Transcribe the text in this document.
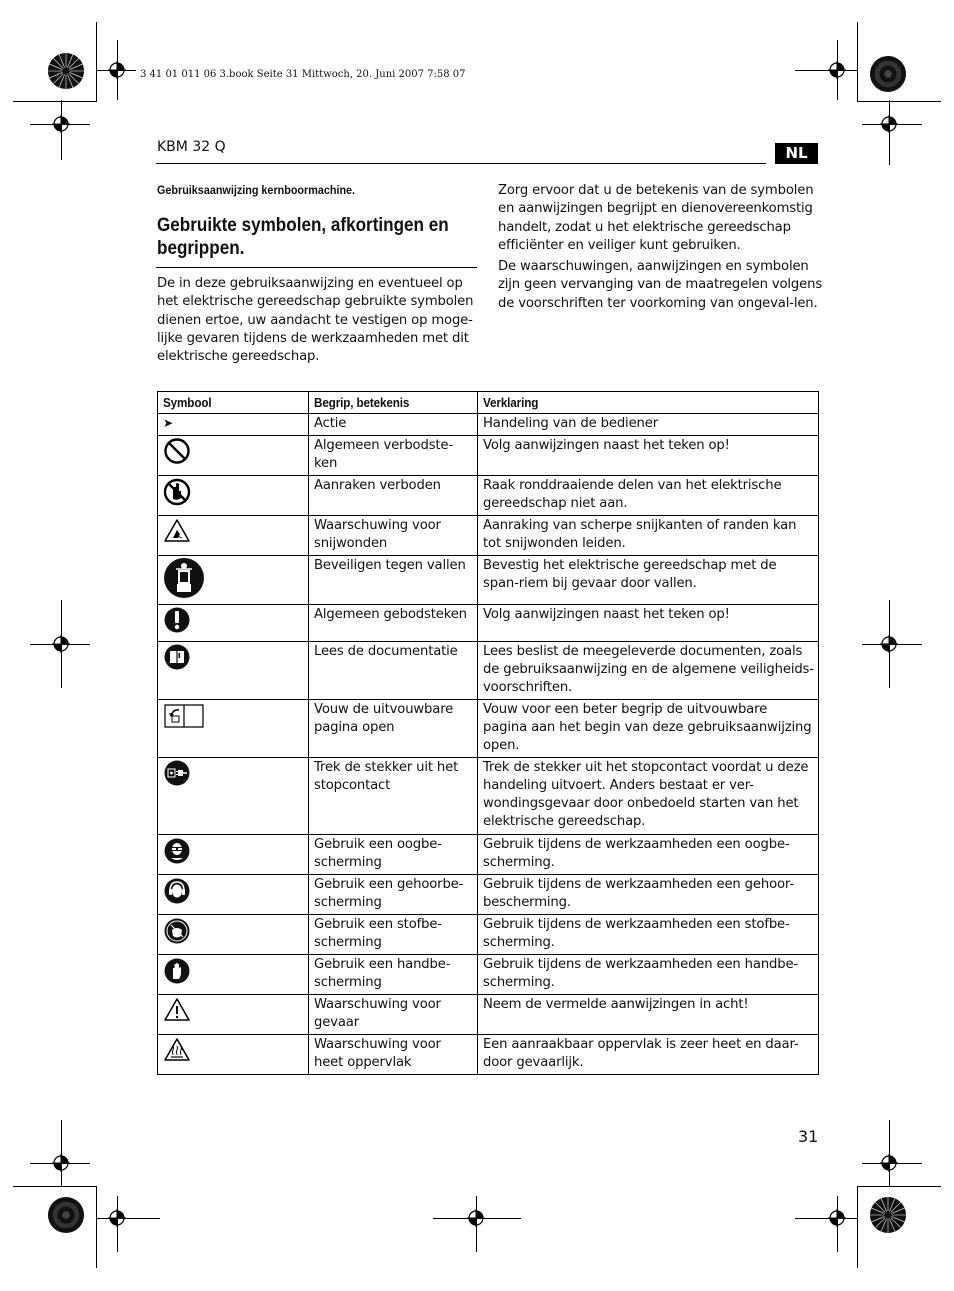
3 41 01 011 06 3.book Seite 31 Mittwoch, 20. Juni 2007 7:58 07
KBM 32 Q	NL
Gebruiksaanwijzing kernboormachine.
Gebruikte symbolen, afkortingen en begrippen.
De in deze gebruiksaanwijzing en eventueel op het elektrische gereedschap gebruikte symbolen dienen ertoe, uw aandacht te vestigen op moge-lijke gevaren tijdens de werkzaamheden met dit elektrische gereedschap.
Zorg ervoor dat u de betekenis van de symbolen en aanwijzingen begrijpt en dienovereenkomstig handelt, zodat u het elektrische gereedschap efficiënter en veiliger kunt gebruiken.
De waarschuwingen, aanwijzingen en symbolen zijn geen vervanging van de maatregelen volgens de voorschriften ter voorkoming van ongeval-len.
Symbool	Begrip, betekenis	Verklaring
➤	Actie	Handeling van de bediener

	Algemeen verbodste-ken	Volg aanwijzingen naast het teken op!

	Aanraken verboden	Raak ronddraaiende delen van het elektrische gereedschap niet aan.

	Waarschuwing voor snijwonden	Aanraking van scherpe snijkanten of randen kan tot snijwonden leiden.

	Beveiligen tegen vallen	Bevestig het elektrische gereedschap met de span-riem bij gevaar door vallen.

	Algemeen gebodsteken	Volg aanwijzingen naast het teken op!

	Lees de documentatie	Lees beslist de meegeleverde documenten, zoals de gebruiksaanwijzing en de algemene veiligheids-voorschriften.

	Vouw de uitvouwbare pagina open	Vouw voor een beter begrip de uitvouwbare pagina aan het begin van deze gebruiksaanwijzing open.

	Trek de stekker uit het stopcontact	Trek de stekker uit het stopcontact voordat u deze handeling uitvoert. Anders bestaat er ver-wondingsgevaar door onbedoeld starten van het elektrische gereedschap.

	Gebruik een oogbe-scherming	Gebruik tijdens de werkzaamheden een oogbe-scherming.

	Gebruik een gehoorbe-scherming	Gebruik tijdens de werkzaamheden een gehoor-bescherming.

	Gebruik een stofbe-scherming	Gebruik tijdens de werkzaamheden een stofbe-scherming.

	Gebruik een handbe-scherming	Gebruik tijdens de werkzaamheden een handbe-scherming.

	Waarschuwing voor gevaar	Neem de vermelde aanwijzingen in acht!

	Waarschuwing voor heet oppervlak	Een aanraakbaar oppervlak is zeer heet en daar-door gevaarlijk.
31
